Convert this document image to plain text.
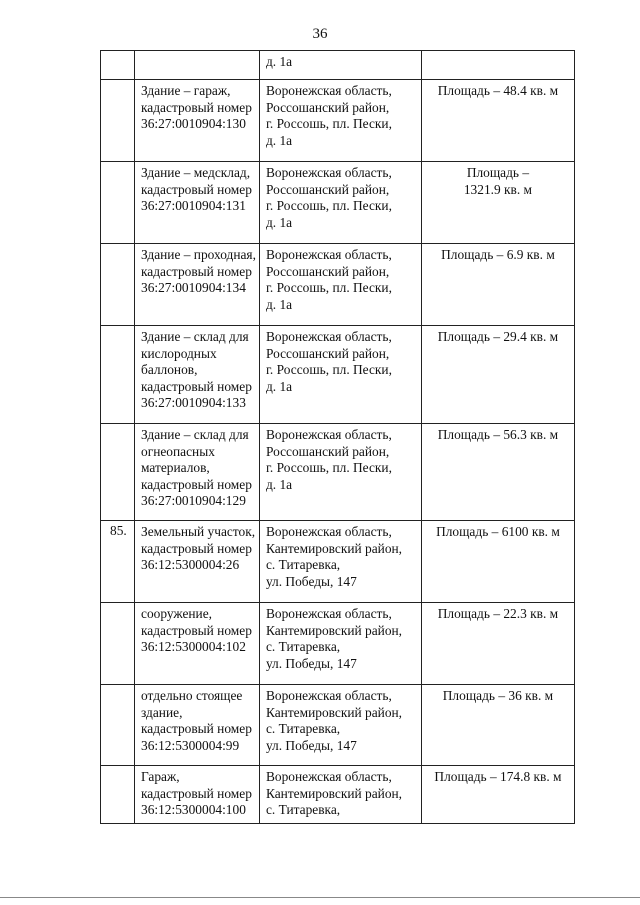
36

		д. 1а	

	Здание – гараж,
кадастровый номер
36:27:0010904:130	Воронежская область,
Россошанский район,
г. Россошь, пл. Пески,
д. 1а	Площадь – 48.4 кв. м

	Здание – медсклад,
кадастровый номер
36:27:0010904:131	Воронежская область,
Россошанский район,
г. Россошь, пл. Пески,
д. 1а	Площадь –
1321.9 кв. м

	Здание – проходная,
кадастровый номер
36:27:0010904:134	Воронежская область,
Россошанский район,
г. Россошь, пл. Пески,
д. 1а	Площадь – 6.9 кв. м

	Здание – склад для
кислородных
баллонов,
кадастровый номер
36:27:0010904:133	Воронежская область,
Россошанский район,
г. Россошь, пл. Пески,
д. 1а	Площадь – 29.4 кв. м

	Здание – склад для
огнеопасных
материалов,
кадастровый номер
36:27:0010904:129	Воронежская область,
Россошанский район,
г. Россошь, пл. Пески,
д. 1а	Площадь – 56.3 кв. м

85.	Земельный участок,
кадастровый номер
36:12:5300004:26	Воронежская область,
Кантемировский район,
с. Титаревка,
ул. Победы, 147	Площадь – 6100 кв. м

	сооружение,
кадастровый номер
36:12:5300004:102	Воронежская область,
Кантемировский район,
с. Титаревка,
ул. Победы, 147	Площадь – 22.3 кв. м

	отдельно стоящее
здание,
кадастровый номер
36:12:5300004:99	Воронежская область,
Кантемировский район,
с. Титаревка,
ул. Победы, 147	Площадь – 36 кв. м

	Гараж,
кадастровый номер
36:12:5300004:100	Воронежская область,
Кантемировский район,
с. Титаревка,	Площадь – 174.8 кв. м
